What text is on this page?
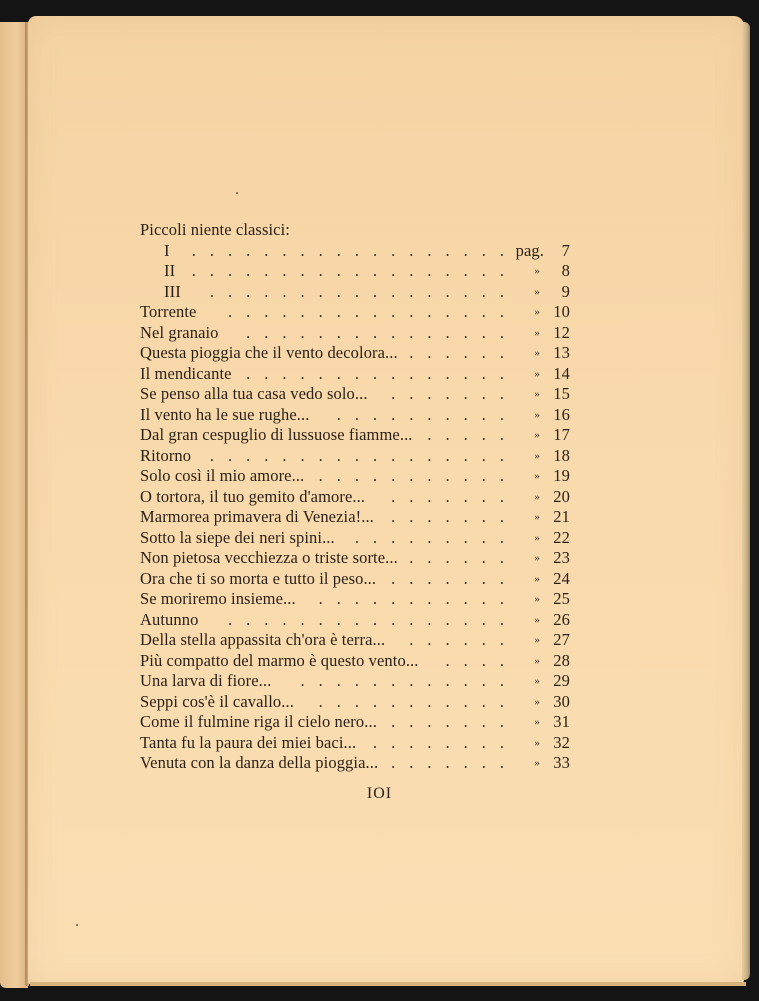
Piccoli niente classici:
..................
I	pag.	7
..................
II	»	8
.................
III	»	9
................
Torrente	» 10
...............
Nel granaio	» 12
......
Questa pioggia che il vento decolora...	» 13
...............
Il mendicante	» 14
.......
Se penso alla tua casa vedo solo...	» 15
..........
Il vento ha le sue rughe...	» 16
.....
Dal gran cespuglio di lussuose fiamme...	» 17
.................
Ritorno	» 18
...........
Solo così il mio amore...	» 19
.......
O tortora, il tuo gemito d'amore...	» 20
.......
Marmorea primavera di Venezia!...	» 21
.........
Sotto la siepe dei neri spini...	» 22
......
Non pietosa vecchiezza o triste sorte...	» 23
.......
Ora che ti so morta e tutto il peso...	» 24
...........
Se moriremo insieme...	» 25
................
Autunno	» 26
......
Della stella appassita ch'ora è terra...	» 27
....
Più compatto del marmo è questo vento...	» 28
............
Una larva di fiore...	» 29
...........
Seppi cos'è il cavallo...	» 30
.......
Come il fulmine riga il cielo nero...	» 31
........
Tanta fu la paura dei miei baci...	» 32
.......
Venuta con la danza della pioggia...	» 33
IOI
